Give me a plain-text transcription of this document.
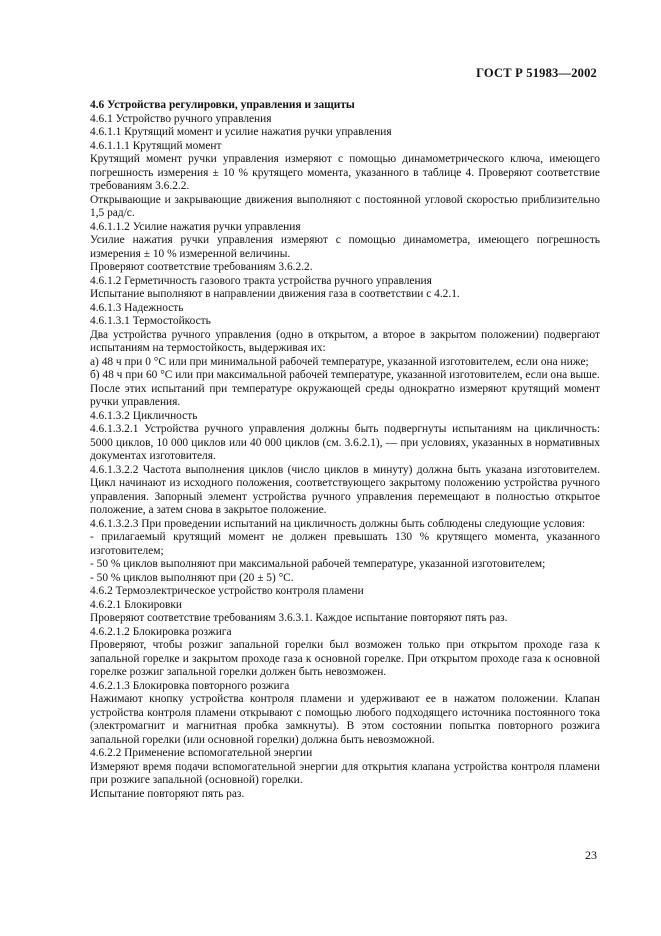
ГОСТ Р 51983—2002

4.6 Устройства регулировки, управления и защиты

4.6.1 Устройство ручного управления

4.6.1.1 Крутящий момент и усилие нажатия ручки управления

4.6.1.1.1 Крутящий момент

Крутящий момент ручки управления измеряют с помощью динамометрического ключа, имеющего погрешность измерения ± 10 % крутящего момента, указанного в таблице 4. Проверяют соответствие требованиям 3.6.2.2.

Открывающие и закрывающие движения выполняют с постоянной угловой скоростью приблизительно 1,5 рад/с.

4.6.1.1.2 Усилие нажатия ручки управления

Усилие нажатия ручки управления измеряют с помощью динамометра, имеющего погрешность измерения ± 10 % измеренной величины.

Проверяют соответствие требованиям 3.6.2.2.

4.6.1.2 Герметичность газового тракта устройства ручного управления

Испытание выполняют в направлении движения газа в соответствии с 4.2.1.

4.6.1.3 Надежность

4.6.1.3.1 Термостойкость

Два устройства ручного управления (одно в открытом, а второе в закрытом положении) подвергают испытаниям на термостойкость, выдерживая их:

а) 48 ч при 0 °С или при минимальной рабочей температуре, указанной изготовителем, если она ниже;

б) 48 ч при 60 °С или при максимальной рабочей температуре, указанной изготовителем, если она выше.

После этих испытаний при температуре окружающей среды однократно измеряют крутящий момент ручки управления.

4.6.1.3.2 Цикличность

4.6.1.3.2.1 Устройства ручного управления должны быть подвергнуты испытаниям на цикличность: 5000 циклов, 10 000 циклов или 40 000 циклов (см. 3.6.2.1), — при условиях, указанных в нормативных документах изготовителя.

4.6.1.3.2.2 Частота выполнения циклов (число циклов в минуту) должна быть указана изготовителем. Цикл начинают из исходного положения, соответствующего закрытому положению устройства ручного управления. Запорный элемент устройства ручного управления перемещают в полностью открытое положение, а затем снова в закрытое положение.

4.6.1.3.2.3 При проведении испытаний на цикличность должны быть соблюдены следующие условия:

- прилагаемый крутящий момент не должен превышать 130 % крутящего момента, указанного изготовителем;

- 50 % циклов выполняют при максимальной рабочей температуре, указанной изготовителем;

- 50 % циклов выполняют при (20 ± 5) °С.

4.6.2 Термоэлектрическое устройство контроля пламени

4.6.2.1 Блокировки

Проверяют соответствие требованиям 3.6.3.1. Каждое испытание повторяют пять раз.

4.6.2.1.2 Блокировка розжига

Проверяют, чтобы розжиг запальной горелки был возможен только при открытом проходе газа к запальной горелке и закрытом проходе газа к основной горелке. При открытом проходе газа к основной горелке розжиг запальной горелки должен быть невозможен.

4.6.2.1.3 Блокировка повторного розжига

Нажимают кнопку устройства контроля пламени и удерживают ее в нажатом положении. Клапан устройства контроля пламени открывают с помощью любого подходящего источника постоянного тока (электромагнит и магнитная пробка замкнуты). В этом состоянии попытка повторного розжига запальной горелки (или основной горелки) должна быть невозможной.

4.6.2.2 Применение вспомогательной энергии

Измеряют время подачи вспомогательной энергии для открытия клапана устройства контроля пламени при розжиге запальной (основной) горелки.

Испытание повторяют пять раз.

23
